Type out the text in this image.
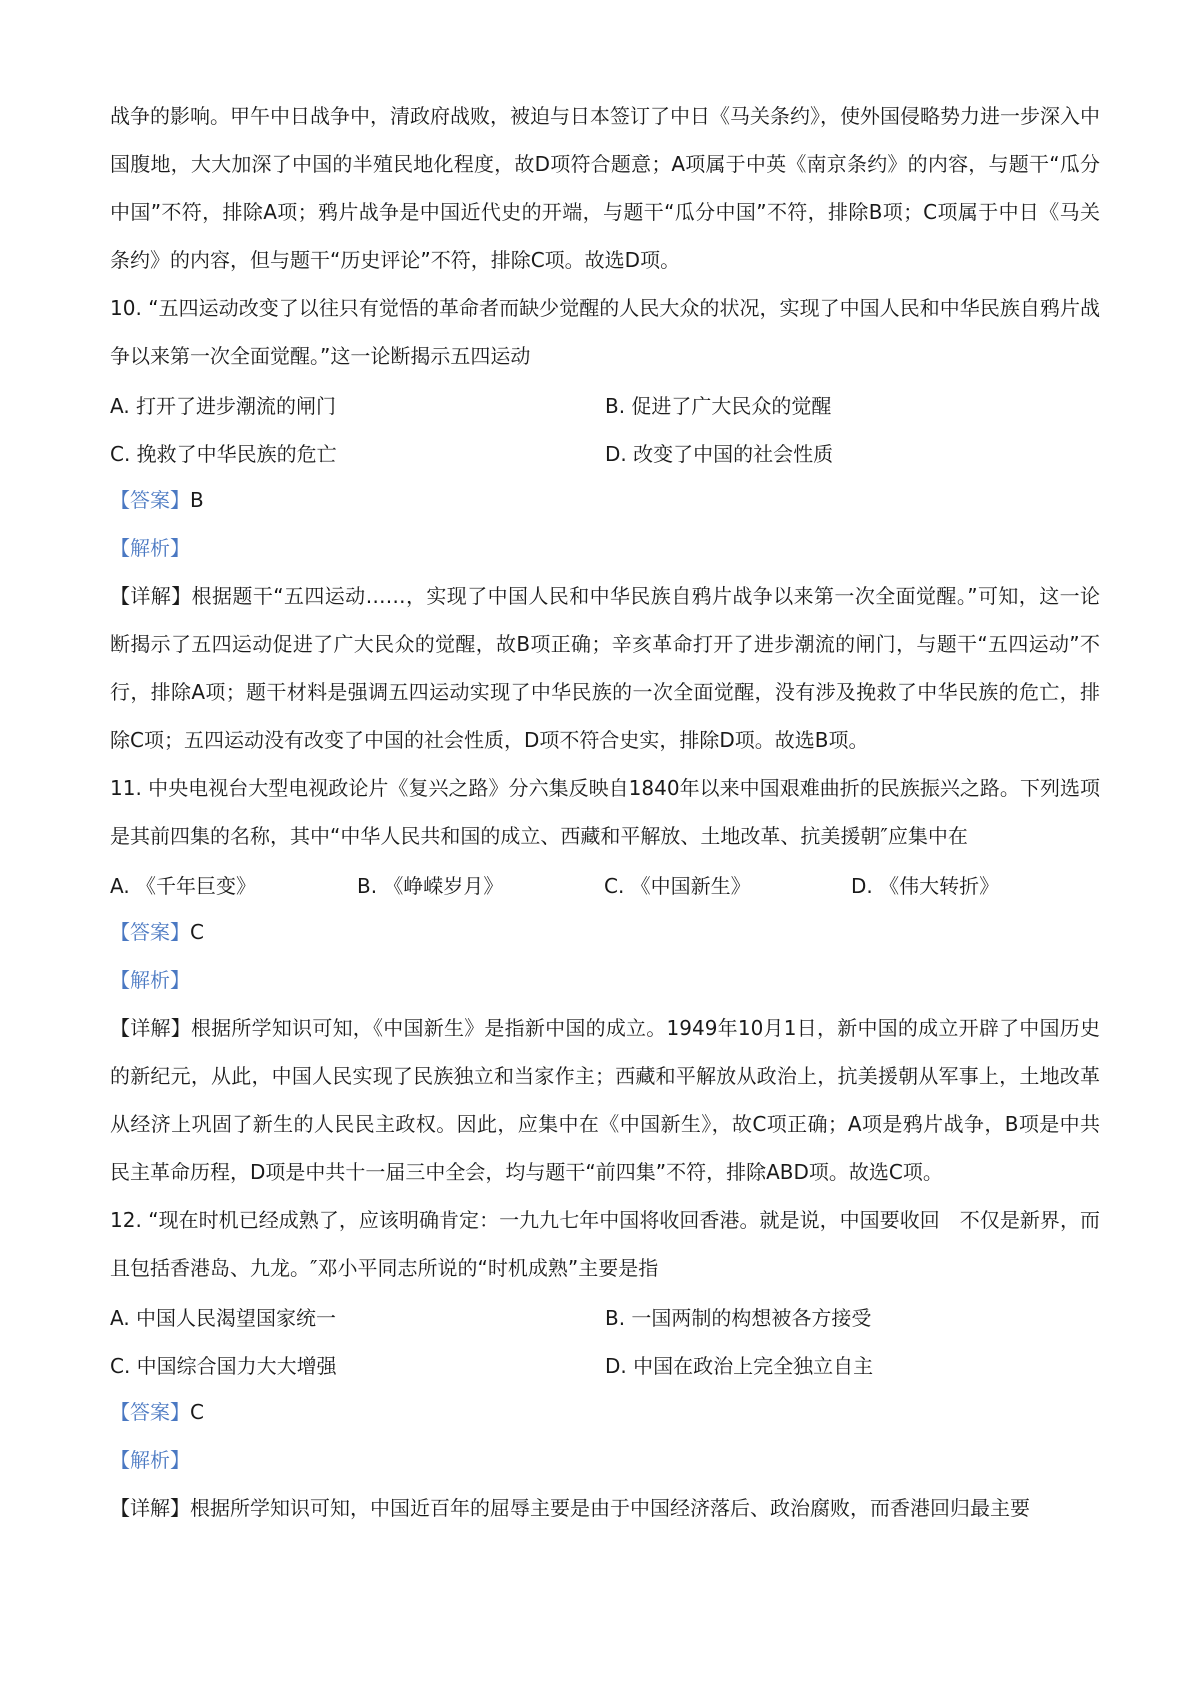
战争的影响。甲午中日战争中，清政府战败，被迫与日本签订了中日《马关条约》，使外国侵略势力进一步深入中国腹地，大大加深了中国的半殖民地化程度，故D项符合题意；A项属于中英《南京条约》的内容，与题干“瓜分中国”不符，排除A项；鸦片战争是中国近代史的开端，与题干“瓜分中国”不符，排除B项；C项属于中日《马关条约》的内容，但与题干“历史评论”不符，排除C项。故选D项。

10. “五四运动改变了以往只有觉悟的革命者而缺少觉醒的人民大众的状况，实现了中国人民和中华民族自鸦片战争以来第一次全面觉醒。”这一论断揭示五四运动

A. 打开了进步潮流的闸门	B. 促进了广大民众的觉醒
C. 挽救了中华民族的危亡	D. 改变了中国的社会性质
【答案】B
【解析】

【详解】根据题干“五四运动……，实现了中国人民和中华民族自鸦片战争以来第一次全面觉醒。”可知，这一论断揭示了五四运动促进了广大民众的觉醒，故B项正确；辛亥革命打开了进步潮流的闸门，与题干“五四运动”不行，排除A项；题干材料是强调五四运动实现了中华民族的一次全面觉醒，没有涉及挽救了中华民族的危亡，排除C项；五四运动没有改变了中国的社会性质，D项不符合史实，排除D项。故选B项。

11. 中央电视台大型电视政论片《复兴之路》分六集反映自1840年以来中国艰难曲折的民族振兴之路。下列选项是其前四集的名称，其中“中华人民共和国的成立、西藏和平解放、土地改革、抗美援朝″应集中在

A. 《千年巨变》	B. 《峥嵘岁月》	C. 《中国新生》	D. 《伟大转折》
【答案】C
【解析】

【详解】根据所学知识可知，《中国新生》是指新中国的成立。1949年10月1日，新中国的成立开辟了中国历史的新纪元，从此，中国人民实现了民族独立和当家作主；西藏和平解放从政治上，抗美援朝从军事上，土地改革从经济上巩固了新生的人民民主政权。因此，应集中在《中国新生》，故C项正确；A项是鸦片战争，B项是中共民主革命历程，D项是中共十一届三中全会，均与题干“前四集”不符，排除ABD项。故选C项。

12. “现在时机已经成熟了，应该明确肯定：一九九七年中国将收回香港。就是说，中国要收回　不仅是新界，而且包括香港岛、九龙。″邓小平同志所说的“时机成熟”主要是指

A. 中国人民渴望国家统一	B. 一国两制的构想被各方接受
C. 中国综合国力大大增强	D. 中国在政治上完全独立自主
【答案】C
【解析】

【详解】根据所学知识可知，中国近百年的屈辱主要是由于中国经济落后、政治腐败，而香港回归最主要
